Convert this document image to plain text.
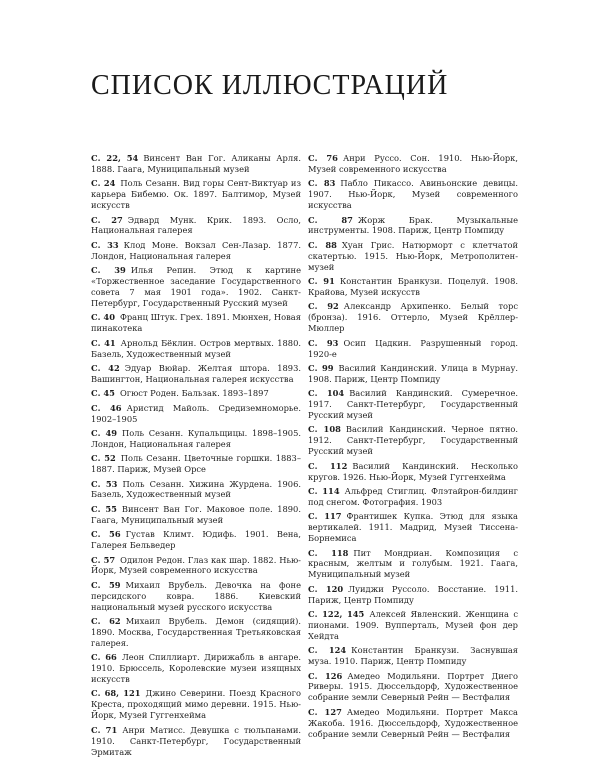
СПИСОК ИЛЛЮСТРАЦИЙ
С. 22, 54 Винсент Ван Гог. Аликаны Арля. 1888. Гаага, Муниципальный музей
С. 24 Поль Сезанн. Вид горы Сент-Виктуар из карьера Бибемю. Ок. 1897. Балтимор, Музей искусств
С. 27 Эдвард Мунк. Крик. 1893. Осло, Национальная галерея
С. 33 Клод Моне. Вокзал Сен-Лазар. 1877. Лондон, Национальная галерея
С. 39 Илья Репин. Этюд к картине «Торжественное заседание Государственного совета 7 мая 1901 года». 1902. Санкт-Петербург, Государственный Русский музей
С. 40 Франц Штук. Грех. 1891. Мюнхен, Новая пинакотека
С. 41 Арнольд Бёклин. Остров мертвых. 1880. Базель, Художественный музей
С. 42 Эдуар Вюйар. Желтая штора. 1893. Вашингтон, Национальная галерея искусства
С. 45 Огюст Роден. Бальзак. 1893–1897
С. 46 Аристид Майоль. Средиземноморье. 1902–1905
С. 49 Поль Сезанн. Купальщицы. 1898–1905. Лондон, Национальная галерея
С. 52 Поль Сезанн. Цветочные горшки. 1883–1887. Париж, Музей Орсе
С. 53 Поль Сезанн. Хижина Журдена. 1906. Базель, Художественный музей
С. 55 Винсент Ван Гог. Маковое поле. 1890. Гаага, Муниципальный музей
С. 56 Густав Климт. Юдифь. 1901. Вена, Галерея Бельведер
С. 57 Одилон Редон. Глаз как шар. 1882. Нью-Йорк, Музей современного искусства
С. 59 Михаил Врубель. Девочка на фоне персидского ковра. 1886. Киевский национальный музей русского искусства
С. 62 Михаил Врубель. Демон (сидящий). 1890. Москва, Государственная Третьяковская галерея.
С. 66 Леон Спиллиарт. Дирижабль в ангаре. 1910. Брюссель, Королевские музеи изящных искусств
С. 68, 121 Джино Северини. Поезд Красного Креста, проходящий мимо деревни. 1915. Нью-Йорк, Музей Гуггенхейма
С. 71 Анри Матисс. Девушка с тюльпанами. 1910. Санкт-Петербург, Государственный Эрмитаж
С. 76 Анри Руссо. Сон. 1910. Нью-Йорк, Музей современного искусства
С. 83 Пабло Пикассо. Авиньонские девицы. 1907. Нью-Йорк, Музей современного искусства
С. 87 Жорж Брак. Музыкальные инструменты. 1908. Париж, Центр Помпиду
С. 88 Хуан Грис. Натюрморт с клетчатой скатертью. 1915. Нью-Йорк, Метрополитен-музей
С. 91 Константин Бранкузи. Поцелуй. 1908. Крайова, Музей искусств
С. 92 Александр Архипенко. Белый торс (бронза). 1916. Оттерло, Музей Крёллер-Мюллер
С. 93 Осип Цадкин. Разрушенный город. 1920-е
С. 99 Василий Кандинский. Улица в Мурнау. 1908. Париж, Центр Помпиду
С. 104 Василий Кандинский. Сумеречное. 1917. Санкт-Петербург, Государственный Русский музей
С. 108 Василий Кандинский. Черное пятно. 1912. Санкт-Петербург, Государственный Русский музей
С. 112 Василий Кандинский. Несколько кругов. 1926. Нью-Йорк, Музей Гуггенхейма
С. 114 Альфред Стиглиц. Флэтайрон-билдинг под снегом. Фотография. 1903
С. 117 Франтишек Купка. Этюд для языка вертикалей. 1911. Мадрид, Музей Тиссена-Борнемиса
С. 118 Пит Мондриан. Композиция с красным, желтым и голубым. 1921. Гаага, Муниципальный музей
С. 120 Луиджи Руссоло. Восстание. 1911. Париж, Центр Помпиду
С. 122, 145 Алексей Явленский. Женщина с пионами. 1909. Вупперталь, Музей фон дер Хейдта
С. 124 Константин Бранкузи. Заснувшая муза. 1910. Париж, Центр Помпиду
С. 126 Амедео Модильяни. Портрет Диего Риверы. 1915. Дюссельдорф, Художественное собрание земли Северный Рейн — Вестфалия
С. 127 Амедео Модильяни. Портрет Макса Жакоба. 1916. Дюссельдорф, Художественное собрание земли Северный Рейн — Вестфалия
